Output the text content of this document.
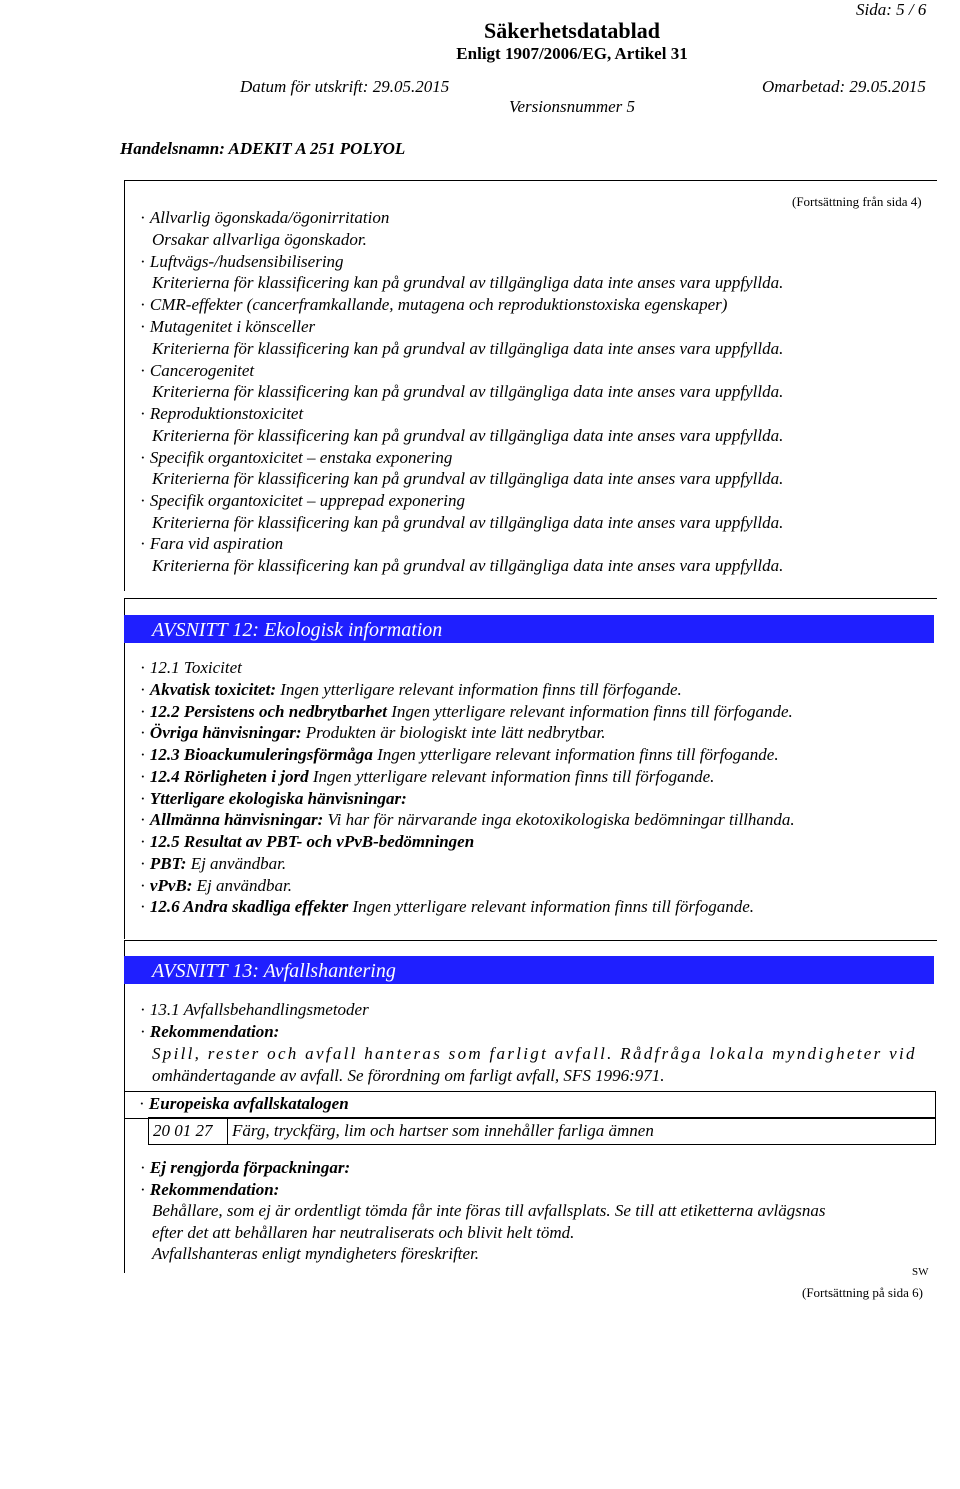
Sida: 5 / 6
Säkerhetsdatablad
Enligt 1907/2006/EG, Artikel 31
Datum för utskrift: 29.05.2015	Omarbetad: 29.05.2015
Versionsnummer 5
Handelsnamn: ADEKIT A 251 POLYOL
(Fortsättning från sida 4)
· Allvarlig ögonskada/ögonirritation
Orsakar allvarliga ögonskador.
· Luftvägs-/hudsensibilisering
Kriterierna för klassificering kan på grundval av tillgängliga data inte anses vara uppfyllda.
· CMR-effekter (cancerframkallande, mutagena och reproduktionstoxiska egenskaper)
· Mutagenitet i könsceller
Kriterierna för klassificering kan på grundval av tillgängliga data inte anses vara uppfyllda.
· Cancerogenitet
Kriterierna för klassificering kan på grundval av tillgängliga data inte anses vara uppfyllda.
· Reproduktionstoxicitet
Kriterierna för klassificering kan på grundval av tillgängliga data inte anses vara uppfyllda.
· Specifik organtoxicitet – enstaka exponering
Kriterierna för klassificering kan på grundval av tillgängliga data inte anses vara uppfyllda.
· Specifik organtoxicitet – upprepad exponering
Kriterierna för klassificering kan på grundval av tillgängliga data inte anses vara uppfyllda.
· Fara vid aspiration
Kriterierna för klassificering kan på grundval av tillgängliga data inte anses vara uppfyllda.
AVSNITT 12: Ekologisk information
· 12.1 Toxicitet
· Akvatisk toxicitet: Ingen ytterligare relevant information finns till förfogande.
· 12.2 Persistens och nedbrytbarhet Ingen ytterligare relevant information finns till förfogande.
· Övriga hänvisningar: Produkten är biologiskt inte lätt nedbrytbar.
· 12.3 Bioackumuleringsförmåga Ingen ytterligare relevant information finns till förfogande.
· 12.4 Rörligheten i jord Ingen ytterligare relevant information finns till förfogande.
· Ytterligare ekologiska hänvisningar:
· Allmänna hänvisningar: Vi har för närvarande inga ekotoxikologiska bedömningar tillhanda.
· 12.5 Resultat av PBT- och vPvB-bedömningen
· PBT: Ej användbar.
· vPvB: Ej användbar.
· 12.6 Andra skadliga effekter Ingen ytterligare relevant information finns till förfogande.
AVSNITT 13: Avfallshantering
· 13.1 Avfallsbehandlingsmetoder
· Rekommendation:
Spill, rester och avfall hanteras som farligt avfall. Rådfråga lokala myndigheter vid
omhändertagande av avfall. Se förordning om farligt avfall, SFS 1996:971.
· Europeiska avfallskatalogen
20 01 27 Färg, tryckfärg, lim och hartser som innehåller farliga ämnen
· Ej rengjorda förpackningar:
· Rekommendation:
Behållare, som ej är ordentligt tömda får inte föras till avfallsplats. Se till att etiketterna avlägsnas
efter det att behållaren har neutraliserats och blivit helt tömd.
Avfallshanteras enligt myndigheters föreskrifter.
SW
(Fortsättning på sida 6)
